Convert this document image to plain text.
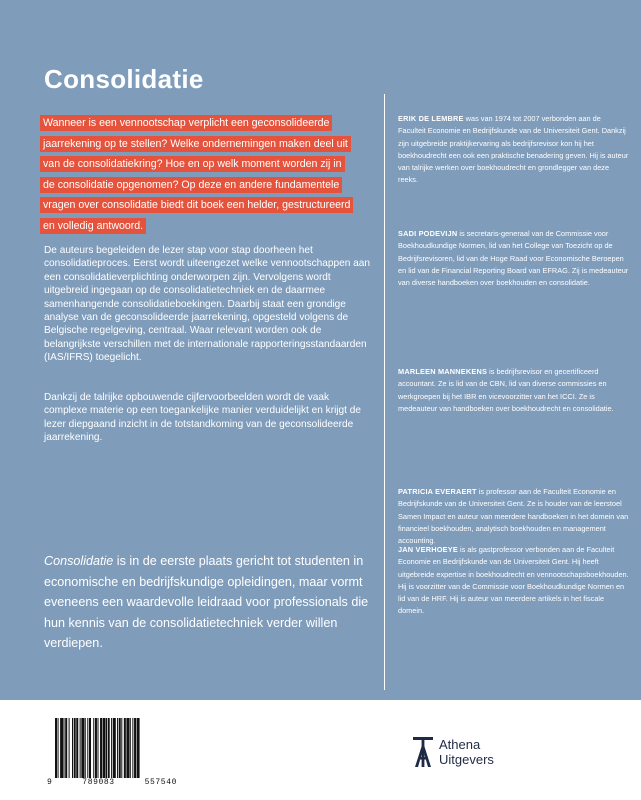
Consolidatie
Wanneer is een vennootschap verplicht een geconsolideerde
jaarrekening op te stellen? Welke ondernemingen maken deel uit
van de consolidatiekring? Hoe en op welk moment worden zij in
de consolidatie opgenomen? Op deze en andere fundamentele
vragen over consolidatie biedt dit boek een helder, gestructureerd
en volledig antwoord.

De auteurs begeleiden de lezer stap voor stap doorheen het consolidatieproces. Eerst wordt uiteengezet welke vennootschappen aan een consolidatieverplichting onderworpen zijn. Vervolgens wordt uitgebreid ingegaan op de consolidatietechniek en de daarmee samenhangende consolidatieboekingen. Daarbij staat een grondige analyse van de geconsolideerde jaarrekening, opgesteld volgens de Belgische regelgeving, centraal. Waar relevant worden ook de belangrijkste verschillen met de internationale rapporteringsstandaarden (IAS/IFRS) toegelicht.

Dankzij de talrijke opbouwende cijfervoorbeelden wordt de vaak complexe materie op een toegankelijke manier verduidelijkt en krijgt de lezer diepgaand inzicht in de totstandkoming van de geconsolideerde jaarrekening.

Consolidatie is in de eerste plaats gericht tot studenten in economische en bedrijfskundige opleidingen, maar vormt eveneens een waardevolle leidraad voor professionals die hun kennis van de consolidatietechniek verder willen verdiepen.

ERIK DE LEMBRE was van 1974 tot 2007 verbonden aan de Faculteit Economie en Bedrijfskunde van de Universiteit Gent. Dankzij zijn uitgebreide praktijkervaring als bedrijfsrevisor kon hij het boekhoudrecht een ook een praktische benadering geven. Hij is auteur van talrijke werken over boekhoudrecht en grondlegger van deze reeks.

SADI PODEVIJN is secretaris-generaal van de Commissie voor Boekhoudkundige Normen, lid van het College van Toezicht op de Bedrijfsrevisoren, lid van de Hoge Raad voor Economische Beroepen en lid van de Financial Reporting Board van EFRAG. Zij is medeauteur van diverse handboeken over boekhouden en consolidatie.

MARLEEN MANNEKENS is bedrijfsrevisor en gecertificeerd accountant. Ze is lid van de CBN, lid van diverse commissies en werkgroepen bij het IBR en vicevoorzitter van het ICCI. Ze is medeauteur van handboeken over boekhoudrecht en consolidatie.

PATRICIA EVERAERT is professor aan de Faculteit Economie en Bedrijfskunde van de Universiteit Gent. Ze is houder van de leerstoel Samen Impact en auteur van meerdere handboeken in het domein van financieel boekhouden, analytisch boekhouden en management accounting.

JAN VERHOEYE is als gastprofessor verbonden aan de Faculteit Economie en Bedrijfskunde van de Universiteit Gent. Hij heeft uitgebreide expertise in boekhoudrecht en vennootschapsboekhouden. Hij is voorzitter van de Commissie voor Boekhoudkundige Normen en lid van de HRF. Hij is auteur van meerdere artikels in het fiscale domein.

9	789083	557540
Athena
Uitgevers
